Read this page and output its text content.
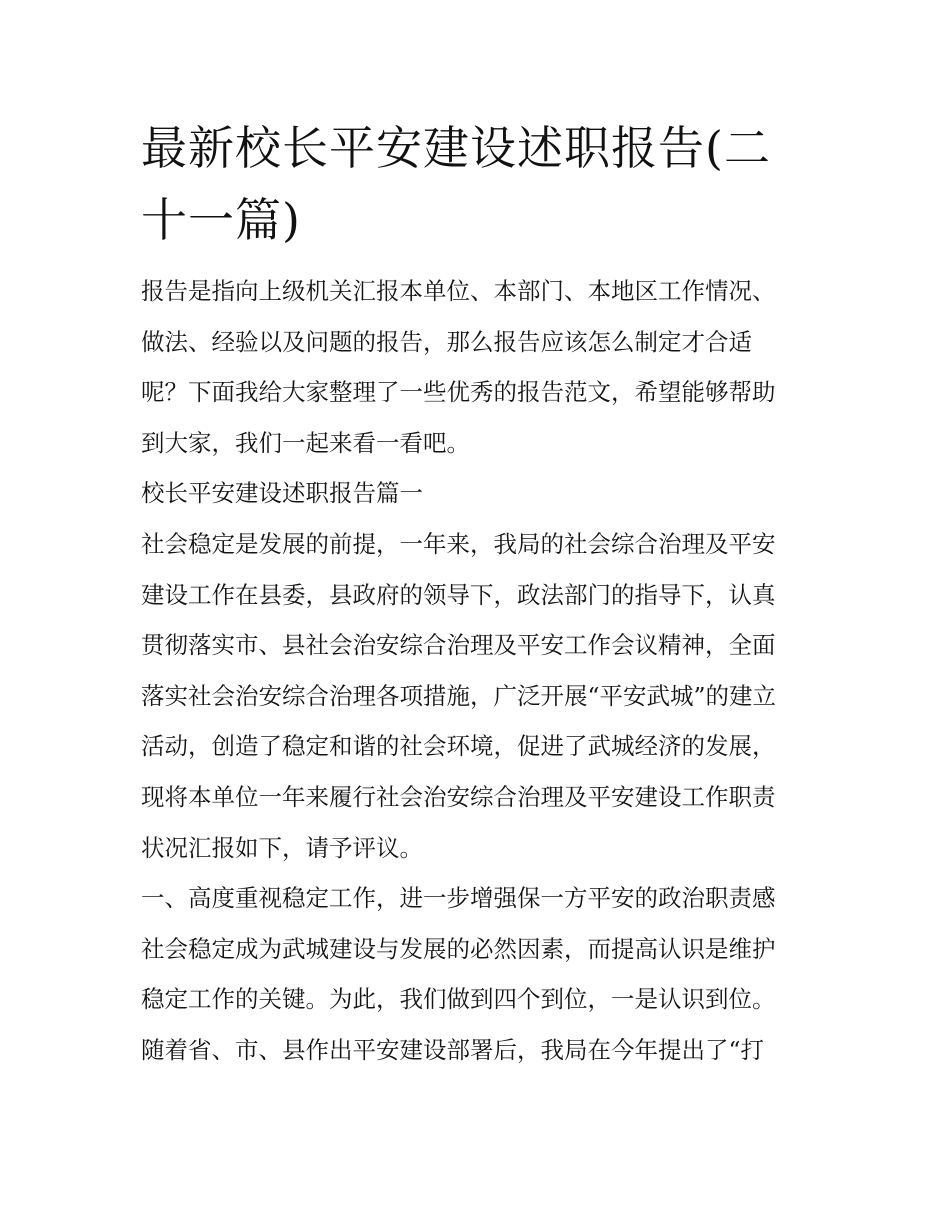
最新校长平安建设述职报告(二
十一篇)
报告是指向上级机关汇报本单位、本部门、本地区工作情况、
做法、经验以及问题的报告，那么报告应该怎么制定才合适
呢？下面我给大家整理了一些优秀的报告范文，希望能够帮助
到大家，我们一起来看一看吧。
校长平安建设述职报告篇一
社会稳定是发展的前提，一年来，我局的社会综合治理及平安
建设工作在县委，县政府的领导下，政法部门的指导下，认真
贯彻落实市、县社会治安综合治理及平安工作会议精神，全面
落实社会治安综合治理各项措施，广泛开展“平安武城”的建立
活动，创造了稳定和谐的社会环境，促进了武城经济的发展，
现将本单位一年来履行社会治安综合治理及平安建设工作职责
状况汇报如下，请予评议。
一、高度重视稳定工作，进一步增强保一方平安的政治职责感
社会稳定成为武城建设与发展的必然因素，而提高认识是维护
稳定工作的关键。为此，我们做到四个到位，一是认识到位。
随着省、市、县作出平安建设部署后，我局在今年提出了“打
